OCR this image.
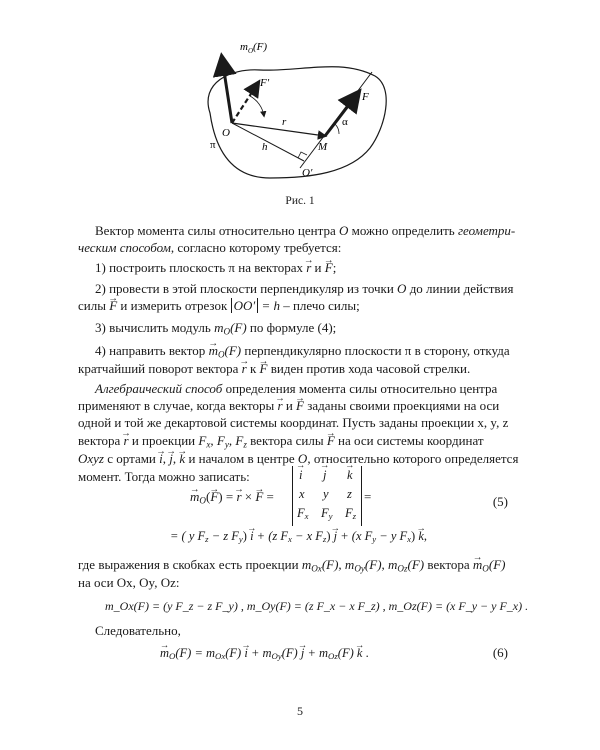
$m_O(F)$
F′
F
r
O
M
O′
h
α
π
Рис. 1
Вектор момента силы относительно центра O можно определить геометри-
ческим способом, согласно которому требуется:
1) построить плоскость π на векторах → r и → F;
2) провести в этой плоскости перпендикуляр из точки O до линии действия
силы → F и измерить отрезок OO′ = h – плечо силы;
3) вычислить модуль $m_O(F)$ по формуле (4);
4) направить вектор → $m_O(F)$ перпендикулярно плоскости π в сторону, откуда
кратчайший поворот вектора → r к → F виден против хода часовой стрелки.
Алгебраический способ определения момента силы относительно центра
применяют в случае, когда векторы → r и → F заданы своими проекциями на оси
одной и той же декартовой системы координат. Пусть заданы проекции x, y, z
вектора → r и проекции $F_x$, $F_y$, $F_z$ вектора силы → F на оси системы координат
Oxyz с ортами → i, → j, → k и началом в центре O, относительно которого определяется
момент. Тогда можно записать:
→ $m_O(\to F)$ = → r × → F =
→ i → j → k
x y z
$F_x$ $F_y$ $F_z$
=	(5)
= ( y $F_z - z$ $F_y) \to i + (z$ $F_x - x$ $F_z) \to j + (x$ $F_y - y$ $F_x) \to k$,
где выражения в скобках есть проекции $m_{Ox}(F)$, $m_{Oy}(F)$, $m_{Oz}(F)$ вектора → $m_O(F)$
на оси Ox, Oy, Oz:
m_Ox(F) = (y F_z − z F_y) , m_Oy(F) = (z F_x − x F_z) , m_Oz(F) = (x F_y − y F_x) .
Следовательно,
→ $m_O(F) = m_{Ox}(F) \to i + m_{Oy}(F) \to j + m_{Oz}(F) \to k$ .	(6)
5
